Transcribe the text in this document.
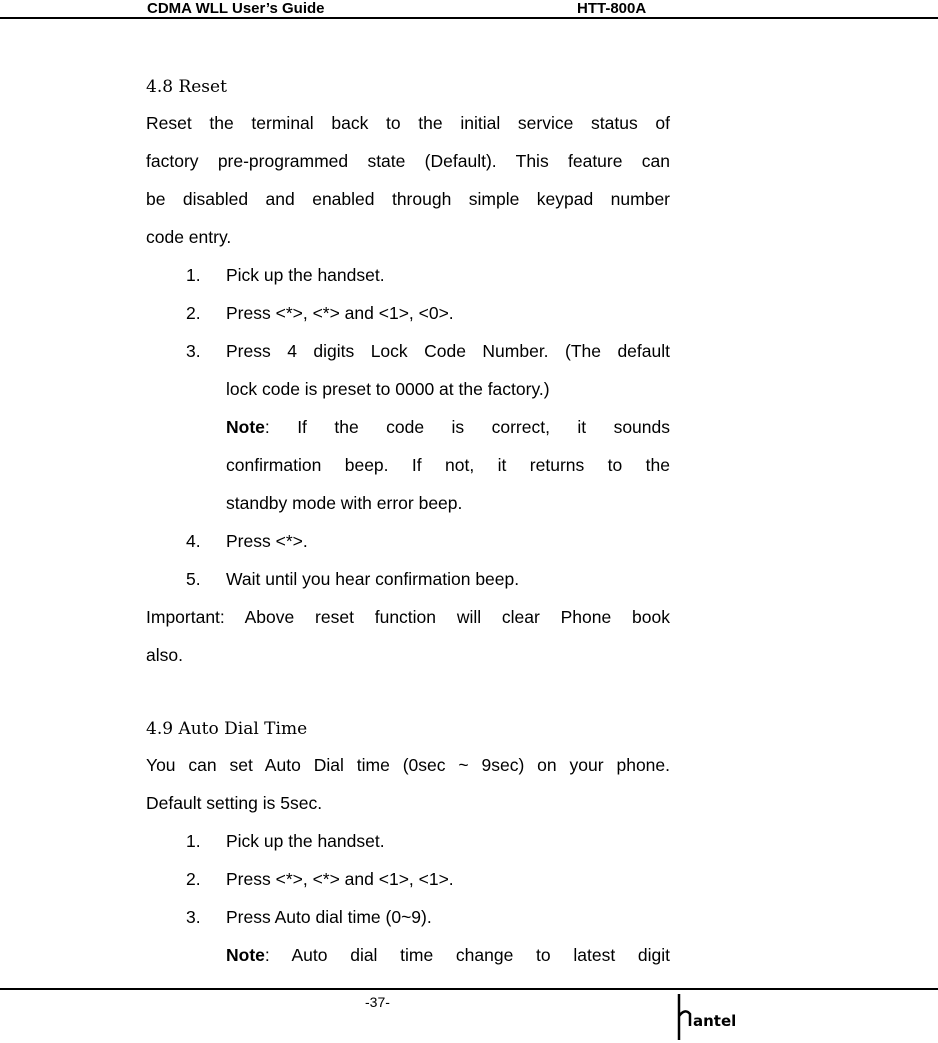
CDMA WLL User’s Guide	HTT-800A
4.8 Reset
Reset the terminal back to the initial service status of
factory pre-programmed state (Default). This feature can
be disabled and enabled through simple keypad number
code entry.
1. Pick up the handset.
2. Press <*>, <*> and <1>, <0>.
3. Press 4 digits Lock Code Number. (The default
lock code is preset to 0000 at the factory.)
Note: If the code is correct, it sounds
confirmation beep. If not, it returns to the
standby mode with error beep.
4. Press <*>.
5. Wait until you hear confirmation beep.
Important: Above reset function will clear Phone book
also.
4.9 Auto Dial Time
You can set Auto Dial time (0sec ~ 9sec) on your phone.
Default setting is 5sec.
1. Pick up the handset.
2. Press <*>, <*> and <1>, <1>.
3. Press Auto dial time (0~9).
Note: Auto dial time change to latest digit
-37-
antel
